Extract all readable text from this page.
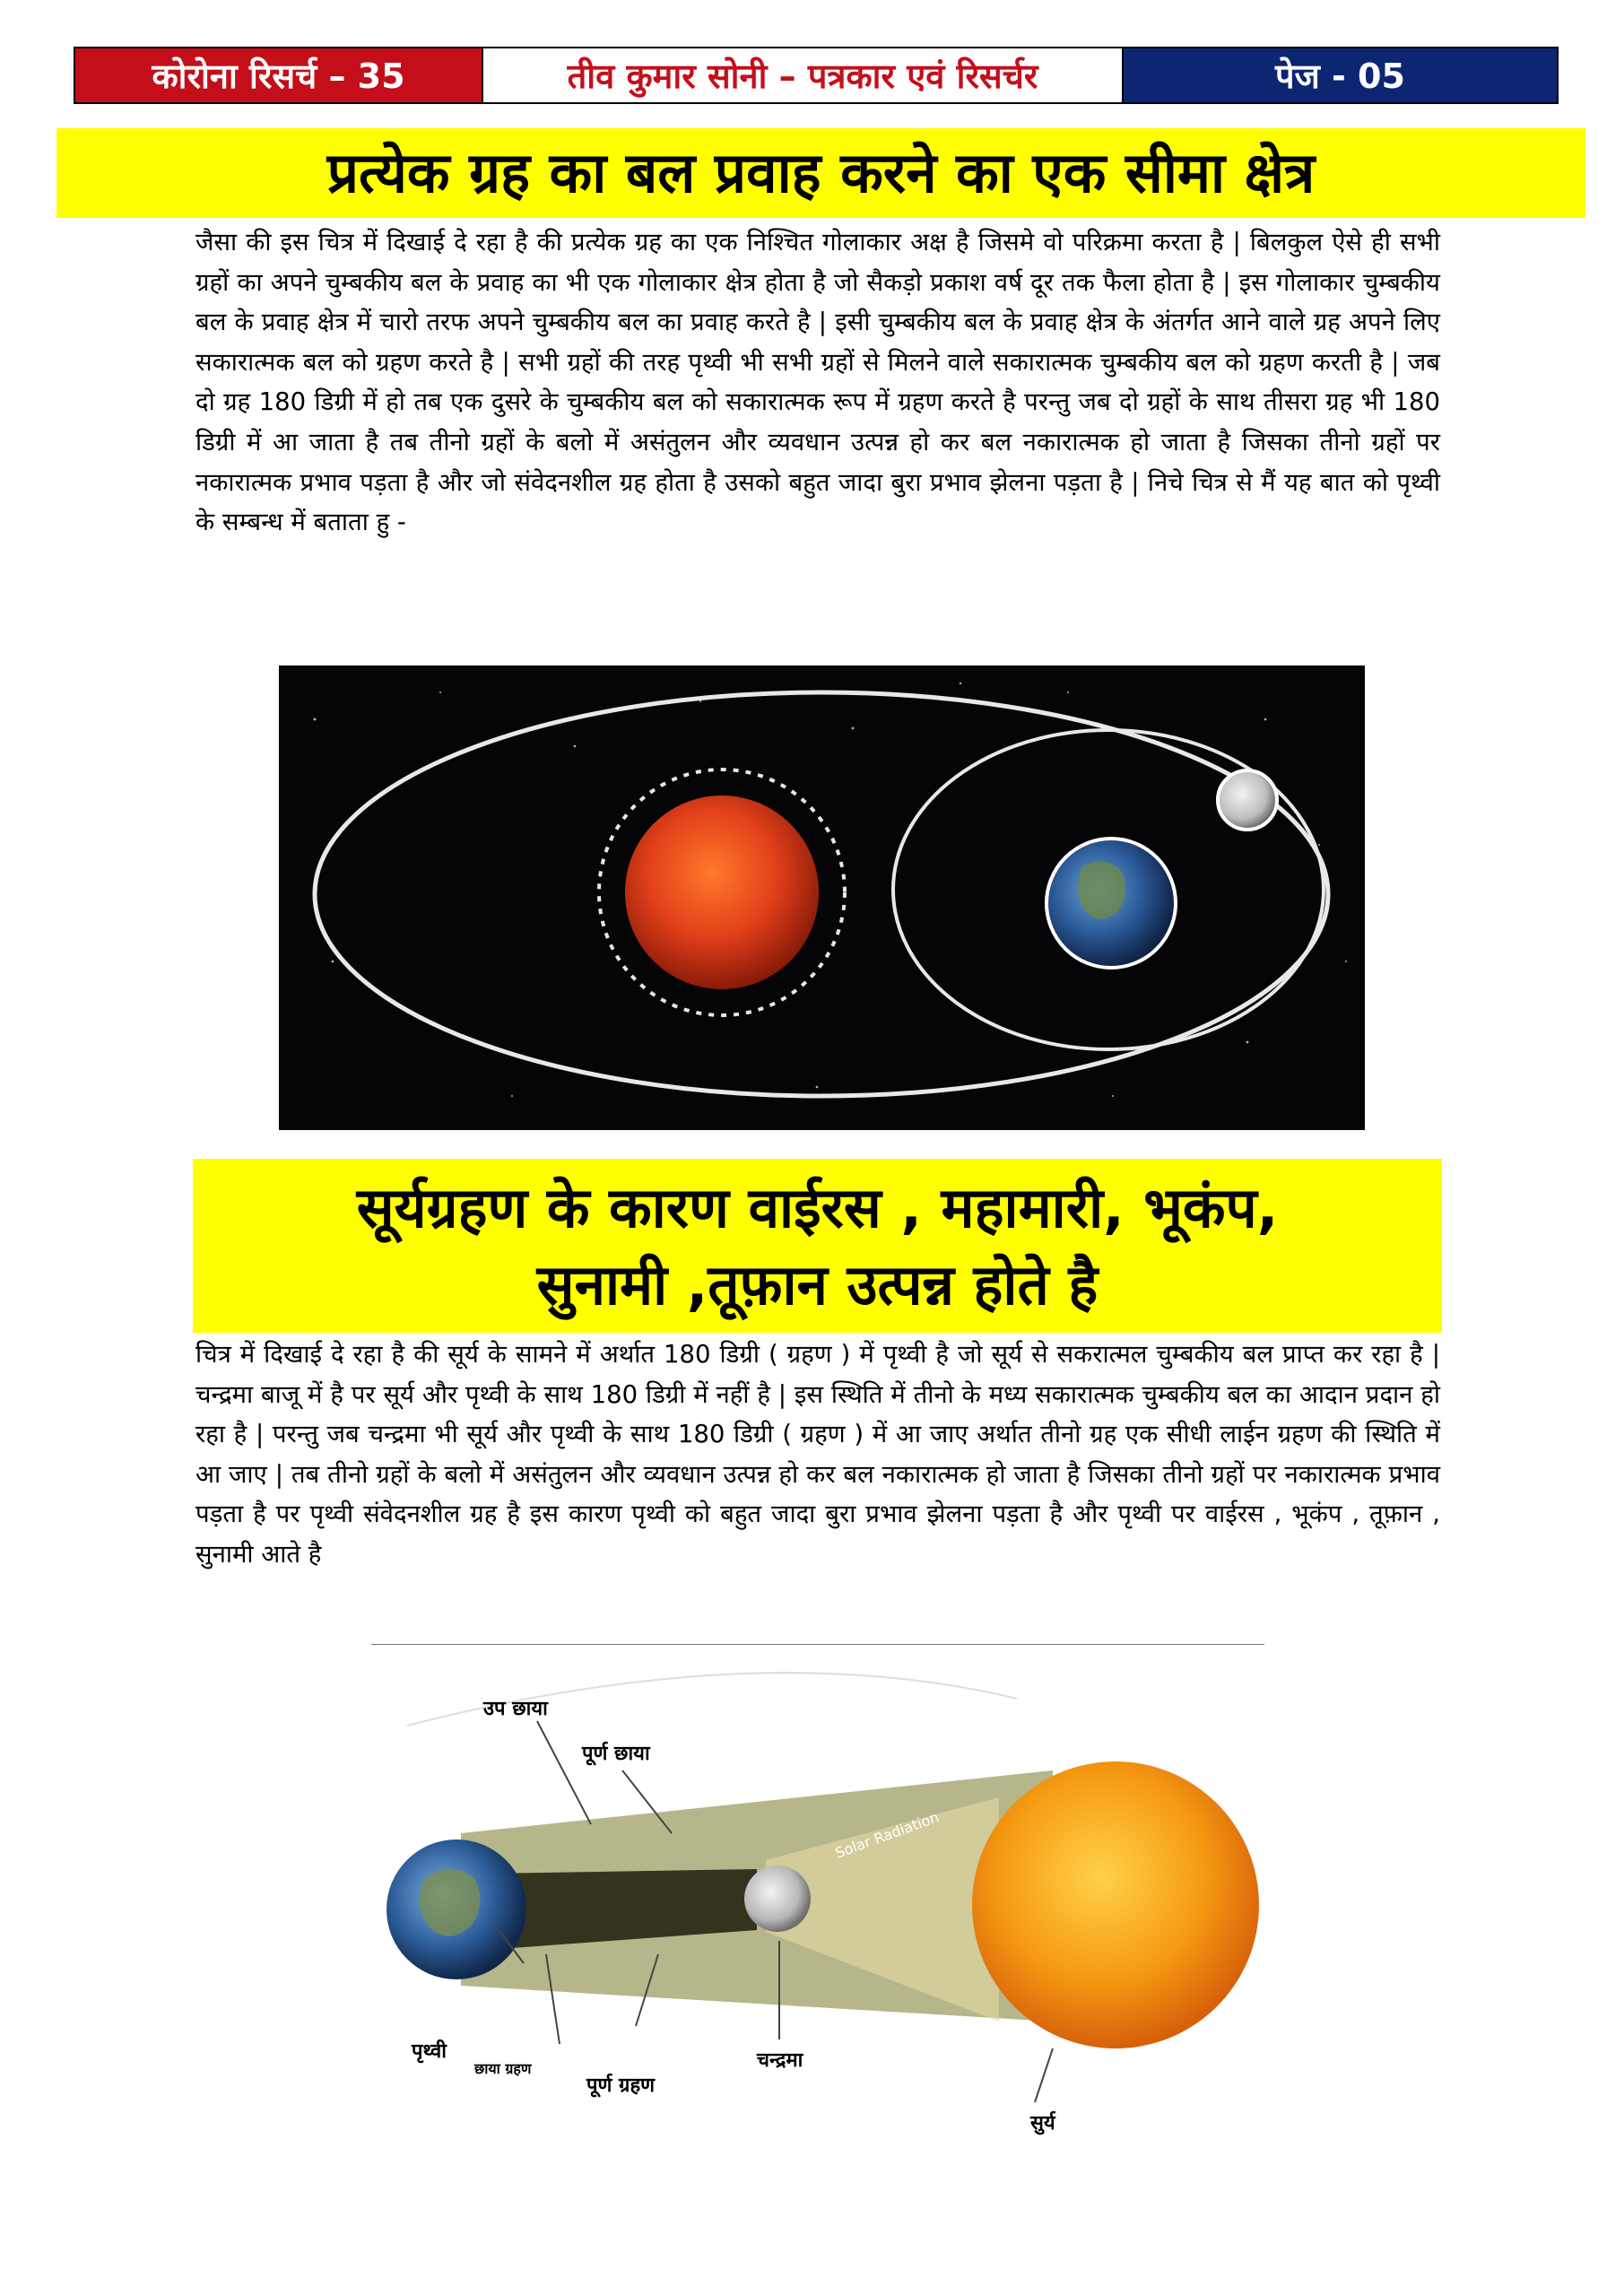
कोरोना रिसर्च – 35	तीव कुमार सोनी – पत्रकार एवं रिसर्चर	पेज - 05
प्रत्येक ग्रह का बल प्रवाह करने का एक सीमा क्षेत्र
जैसा की इस चित्र में दिखाई दे रहा है की प्रत्येक ग्रह का एक निश्चित गोलाकार अक्ष है जिसमे वो परिक्रमा करता है | बिलकुल ऐसे ही सभी ग्रहों का अपने चुम्बकीय बल के प्रवाह का भी एक गोलाकार क्षेत्र होता है जो सैकड़ो प्रकाश वर्ष दूर तक फैला होता है | इस गोलाकार चुम्बकीय बल के प्रवाह क्षेत्र में चारो तरफ अपने चुम्बकीय बल का प्रवाह करते है | इसी चुम्बकीय बल के प्रवाह क्षेत्र के अंतर्गत आने वाले ग्रह अपने लिए सकारात्मक बल को ग्रहण करते है | सभी ग्रहों की तरह पृथ्वी भी सभी ग्रहों से मिलने वाले सकारात्मक चुम्बकीय बल को ग्रहण करती है | जब दो ग्रह 180 डिग्री में हो तब एक दुसरे के चुम्बकीय बल को सकारात्मक रूप में ग्रहण करते है परन्तु जब दो ग्रहों के साथ तीसरा ग्रह भी 180 डिग्री में आ जाता है तब तीनो ग्रहों के बलो में असंतुलन और व्यवधान उत्पन्न हो कर बल नकारात्मक हो जाता है जिसका तीनो ग्रहों पर नकारात्मक प्रभाव पड़ता है और जो संवेदनशील ग्रह होता है उसको बहुत जादा बुरा प्रभाव झेलना पड़ता है | निचे चित्र से मैं यह बात को पृथ्वी के सम्बन्ध में बताता हु -
सूर्यग्रहण के कारण वाईरस , महामारी, भूकंप,
सुनामी ,तूफ़ान उत्पन्न होते है
चित्र में दिखाई दे रहा है की सूर्य के सामने में अर्थात 180 डिग्री ( ग्रहण ) में पृथ्वी है जो सूर्य से सकरात्मल चुम्बकीय बल प्राप्त कर रहा है | चन्द्रमा बाजू में है पर सूर्य और पृथ्वी के साथ 180 डिग्री में नहीं है | इस स्थिति में तीनो के मध्य सकारात्मक चुम्बकीय बल का आदान प्रदान हो रहा है | परन्तु जब चन्द्रमा भी सूर्य और पृथ्वी के साथ 180 डिग्री ( ग्रहण ) में आ जाए अर्थात तीनो ग्रह एक सीधी लाईन ग्रहण की स्थिति में आ जाए | तब तीनो ग्रहों के बलो में असंतुलन और व्यवधान उत्पन्न हो कर बल नकारात्मक हो जाता है जिसका तीनो ग्रहों पर नकारात्मक प्रभाव पड़ता है पर पृथ्वी संवेदनशील ग्रह है इस कारण पृथ्वी को बहुत जादा बुरा प्रभाव झेलना पड़ता है और पृथ्वी पर वाईरस , भूकंप , तूफ़ान , सुनामी आते है
उप छाया
पूर्ण छाया
Solar Radiation
पृथ्वी
छाया ग्रहण
पूर्ण ग्रहण
चन्द्रमा
सुर्य
